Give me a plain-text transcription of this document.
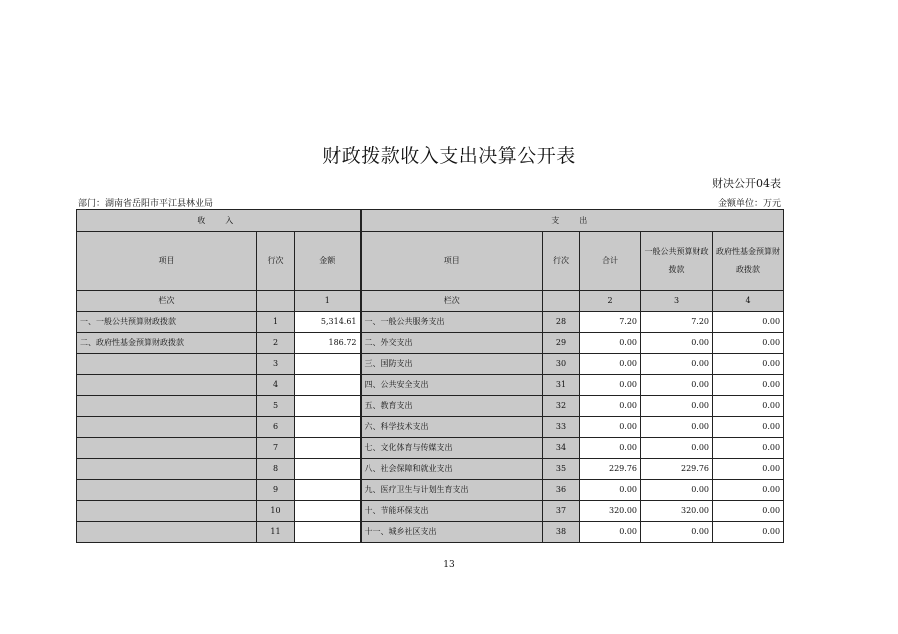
财政拨款收入支出决算公开表
财决公开04表
部门：湖南省岳阳市平江县林业局	金额单位：万元
收　入			支　出				
项目	行次	金额	项目	行次	合计	一般公共预算财政拨款	政府性基金预算财政拨款
栏次		1	栏次		2	3	4
一、一般公共预算财政拨款	1	5,314.61	一、一般公共服务支出	28	7.20	7.20	0.00
二、政府性基金预算财政拨款	2	186.72	二、外交支出	29	0.00	0.00	0.00
	3		三、国防支出	30	0.00	0.00	0.00
	4		四、公共安全支出	31	0.00	0.00	0.00
	5		五、教育支出	32	0.00	0.00	0.00
	6		六、科学技术支出	33	0.00	0.00	0.00
	7		七、文化体育与传媒支出	34	0.00	0.00	0.00
	8		八、社会保障和就业支出	35	229.76	229.76	0.00
	9		九、医疗卫生与计划生育支出	36	0.00	0.00	0.00
	10		十、节能环保支出	37	320.00	320.00	0.00
	11		十一、城乡社区支出	38	0.00	0.00	0.00
13
